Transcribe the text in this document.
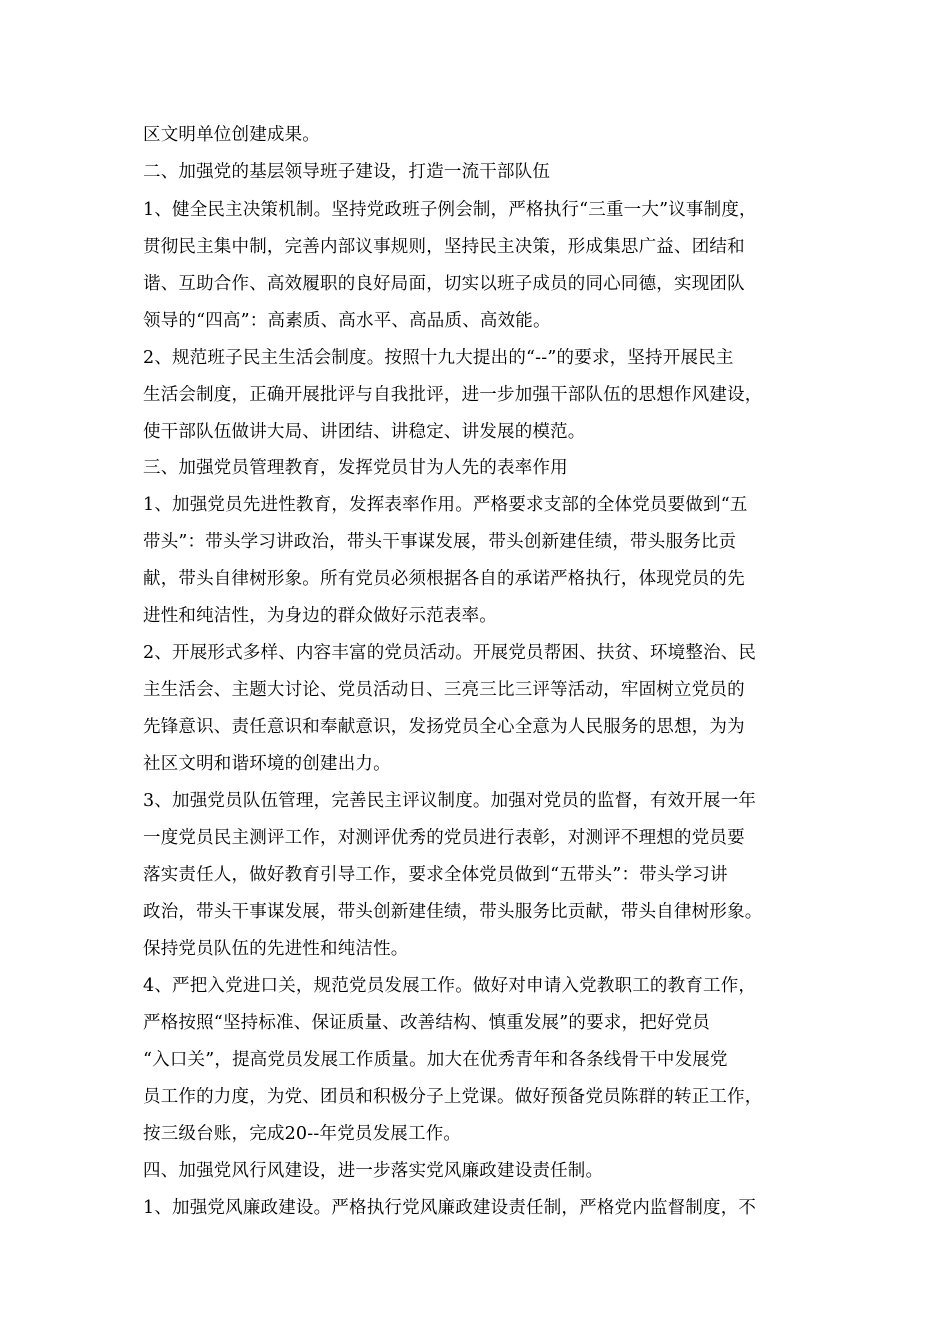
区文明单位创建成果。
二、加强党的基层领导班子建设，打造一流干部队伍
1、健全民主决策机制。坚持党政班子例会制，严格执行“三重一大”议事制度，
贯彻民主集中制，完善内部议事规则，坚持民主决策，形成集思广益、团结和
谐、互助合作、高效履职的良好局面，切实以班子成员的同心同德，实现团队
领导的“四高”：高素质、高水平、高品质、高效能。
2、规范班子民主生活会制度。按照十九大提出的“--”的要求，坚持开展民主
生活会制度，正确开展批评与自我批评，进一步加强干部队伍的思想作风建设，
使干部队伍做讲大局、讲团结、讲稳定、讲发展的模范。
三、加强党员管理教育，发挥党员甘为人先的表率作用
1、加强党员先进性教育，发挥表率作用。严格要求支部的全体党员要做到“五
带头”：带头学习讲政治，带头干事谋发展，带头创新建佳绩，带头服务比贡
献，带头自律树形象。所有党员必须根据各自的承诺严格执行，体现党员的先
进性和纯洁性，为身边的群众做好示范表率。
2、开展形式多样、内容丰富的党员活动。开展党员帮困、扶贫、环境整治、民
主生活会、主题大讨论、党员活动日、三亮三比三评等活动，牢固树立党员的
先锋意识、责任意识和奉献意识，发扬党员全心全意为人民服务的思想，为为
社区文明和谐环境的创建出力。
3、加强党员队伍管理，完善民主评议制度。加强对党员的监督，有效开展一年
一度党员民主测评工作，对测评优秀的党员进行表彰，对测评不理想的党员要
落实责任人，做好教育引导工作，要求全体党员做到“五带头”：带头学习讲
政治，带头干事谋发展，带头创新建佳绩，带头服务比贡献，带头自律树形象。
保持党员队伍的先进性和纯洁性。
4、严把入党进口关，规范党员发展工作。做好对申请入党教职工的教育工作，
严格按照“坚持标准、保证质量、改善结构、慎重发展”的要求，把好党员
“入口关”，提高党员发展工作质量。加大在优秀青年和各条线骨干中发展党
员工作的力度，为党、团员和积极分子上党课。做好预备党员陈群的转正工作，
按三级台账，完成20--年党员发展工作。
四、加强党风行风建设，进一步落实党风廉政建设责任制。
1、加强党风廉政建设。严格执行党风廉政建设责任制，严格党内监督制度，不
